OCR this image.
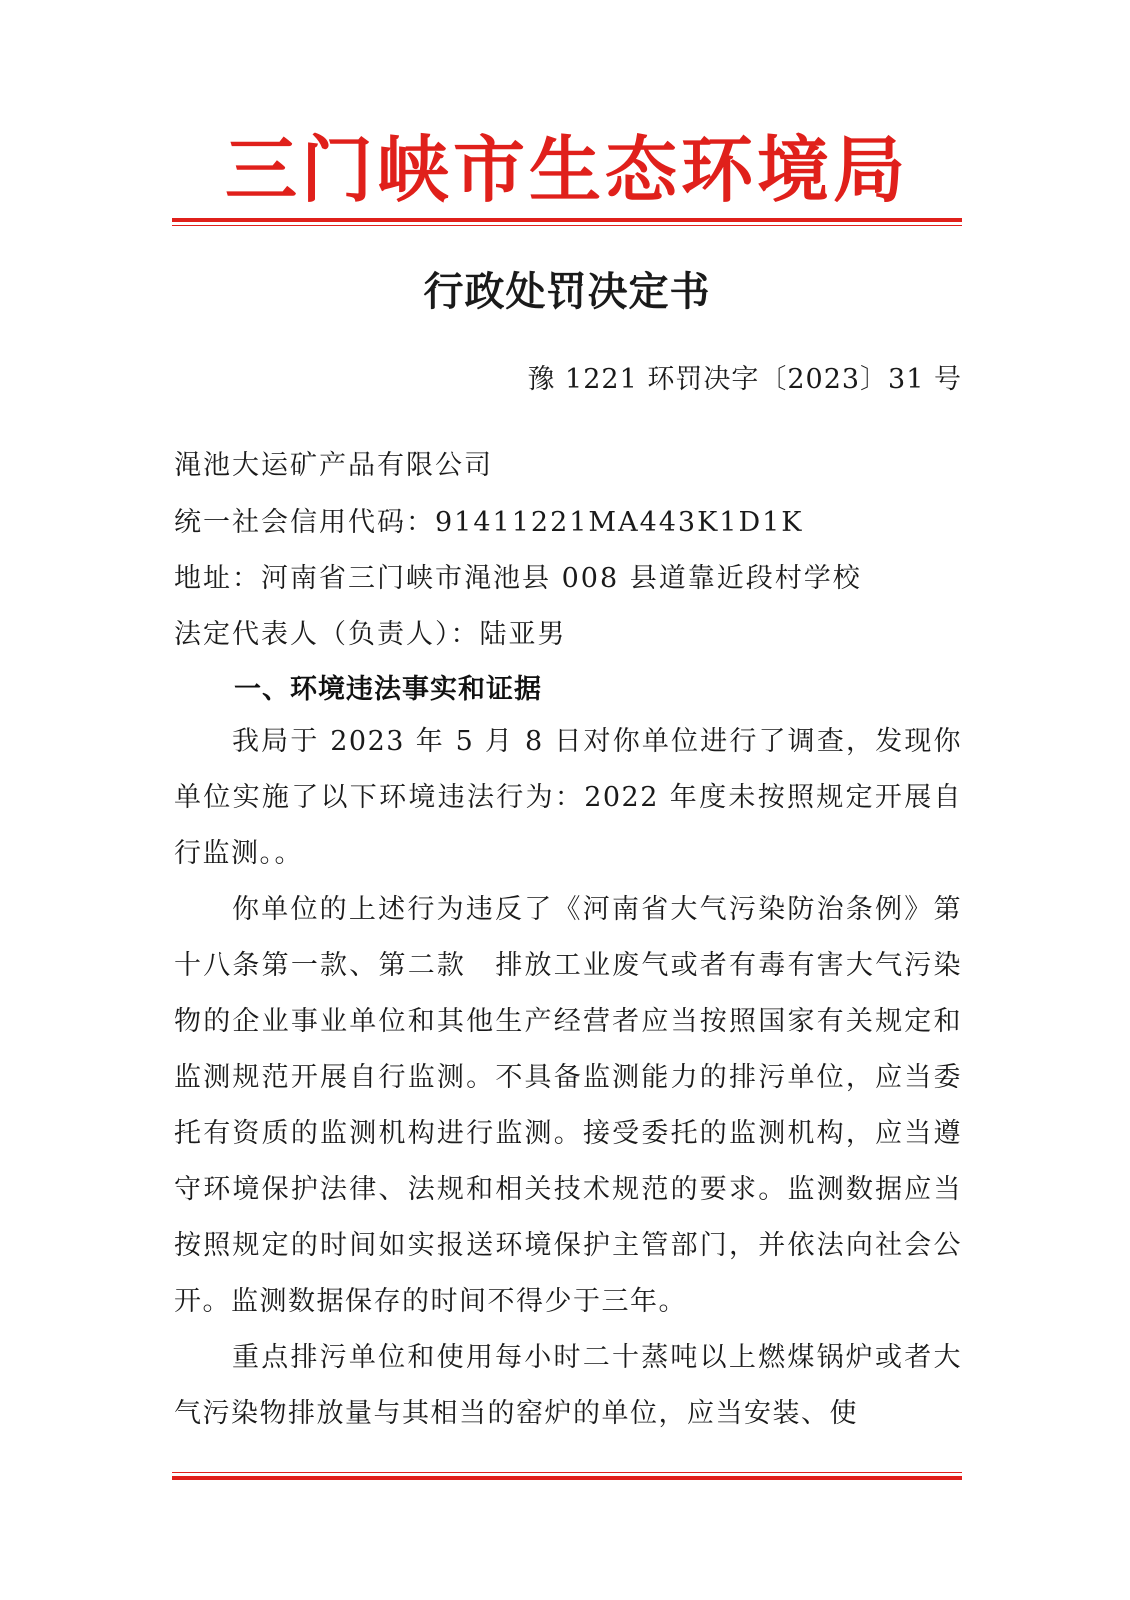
三门峡市生态环境局
行政处罚决定书
豫 1221 环罚决字〔2023〕31 号
渑池大运矿产品有限公司
统一社会信用代码：91411221MA443K1D1K
地址：河南省三门峡市渑池县 008 县道靠近段村学校
法定代表人（负责人）：陆亚男
一、环境违法事实和证据

我局于 2023 年 5 月 8 日对你单位进行了调查，发现你单位实施了以下环境违法行为：2022 年度未按照规定开展自行监测。。

你单位的上述行为违反了《河南省大气污染防治条例》第十八条第一款、第二款　排放工业废气或者有毒有害大气污染物的企业事业单位和其他生产经营者应当按照国家有关规定和监测规范开展自行监测。不具备监测能力的排污单位，应当委托有资质的监测机构进行监测。接受委托的监测机构，应当遵守环境保护法律、法规和相关技术规范的要求。监测数据应当按照规定的时间如实报送环境保护主管部门，并依法向社会公开。监测数据保存的时间不得少于三年。

重点排污单位和使用每小时二十蒸吨以上燃煤锅炉或者大气污染物排放量与其相当的窑炉的单位，应当安装、使
